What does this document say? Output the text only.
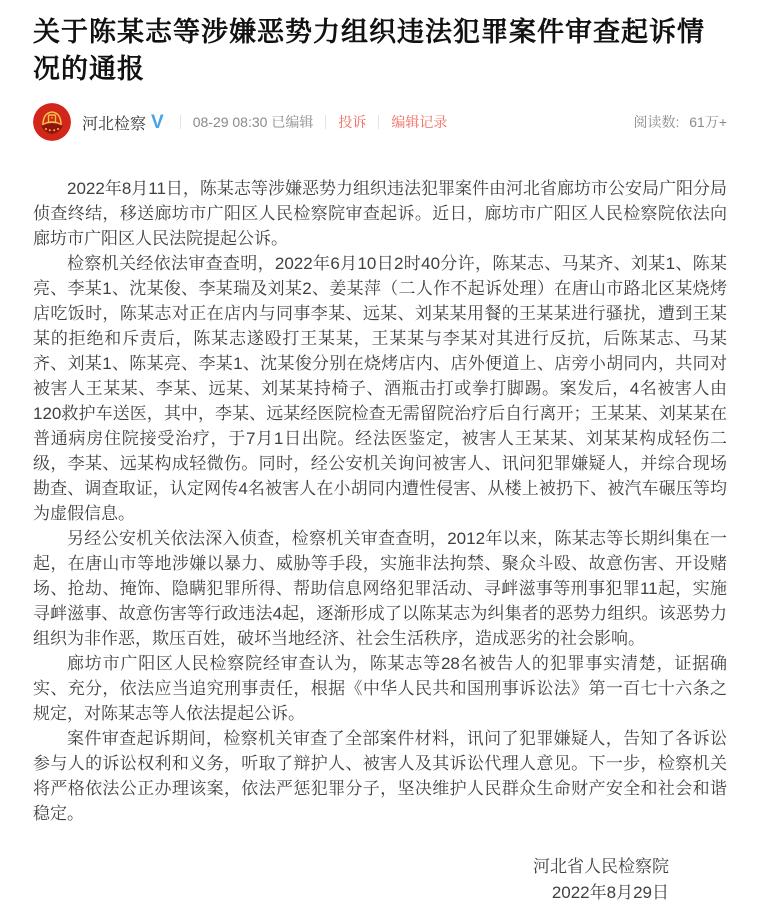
关于陈某志等涉嫌恶势力组织违法犯罪案件审查起诉情况的通报
河北检察 V 08-29 08:30 已编辑 投诉 编辑记录	阅读数: 61万+

2022年8月11日，陈某志等涉嫌恶势力组织违法犯罪案件由河北省廊坊市公安局广阳分局侦查终结，移送廊坊市广阳区人民检察院审查起诉。近日，廊坊市广阳区人民检察院依法向廊坊市广阳区人民法院提起公诉。

检察机关经依法审查查明，2022年6月10日2时40分许，陈某志、马某齐、刘某1、陈某亮、李某1、沈某俊、李某瑞及刘某2、姜某萍（二人作不起诉处理）在唐山市路北区某烧烤店吃饭时，陈某志对正在店内与同事李某、远某、刘某某用餐的王某某进行骚扰，遭到王某某的拒绝和斥责后，陈某志遂殴打王某某，王某某与李某对其进行反抗，后陈某志、马某齐、刘某1、陈某亮、李某1、沈某俊分别在烧烤店内、店外便道上、店旁小胡同内，共同对被害人王某某、李某、远某、刘某某持椅子、酒瓶击打或拳打脚踢。案发后，4名被害人由120救护车送医，其中，李某、远某经医院检查无需留院治疗后自行离开；王某某、刘某某在普通病房住院接受治疗，于7月1日出院。经法医鉴定，被害人王某某、刘某某构成轻伤二级，李某、远某构成轻微伤。同时，经公安机关询问被害人、讯问犯罪嫌疑人，并综合现场勘查、调查取证，认定网传4名被害人在小胡同内遭性侵害、从楼上被扔下、被汽车碾压等均为虚假信息。

另经公安机关依法深入侦查，检察机关审查查明，2012年以来，陈某志等长期纠集在一起，在唐山市等地涉嫌以暴力、威胁等手段，实施非法拘禁、聚众斗殴、故意伤害、开设赌场、抢劫、掩饰、隐瞒犯罪所得、帮助信息网络犯罪活动、寻衅滋事等刑事犯罪11起，实施寻衅滋事、故意伤害等行政违法4起，逐渐形成了以陈某志为纠集者的恶势力组织。该恶势力组织为非作恶，欺压百姓，破坏当地经济、社会生活秩序，造成恶劣的社会影响。

廊坊市广阳区人民检察院经审查认为，陈某志等28名被告人的犯罪事实清楚，证据确实、充分，依法应当追究刑事责任，根据《中华人民共和国刑事诉讼法》第一百七十六条之规定，对陈某志等人依法提起公诉。

案件审查起诉期间，检察机关审查了全部案件材料，讯问了犯罪嫌疑人，告知了各诉讼参与人的诉讼权利和义务，听取了辩护人、被害人及其诉讼代理人意见。下一步，检察机关将严格依法公正办理该案，依法严惩犯罪分子，坚决维护人民群众生命财产安全和社会和谐稳定。

河北省人民检察院
2022年8月29日
